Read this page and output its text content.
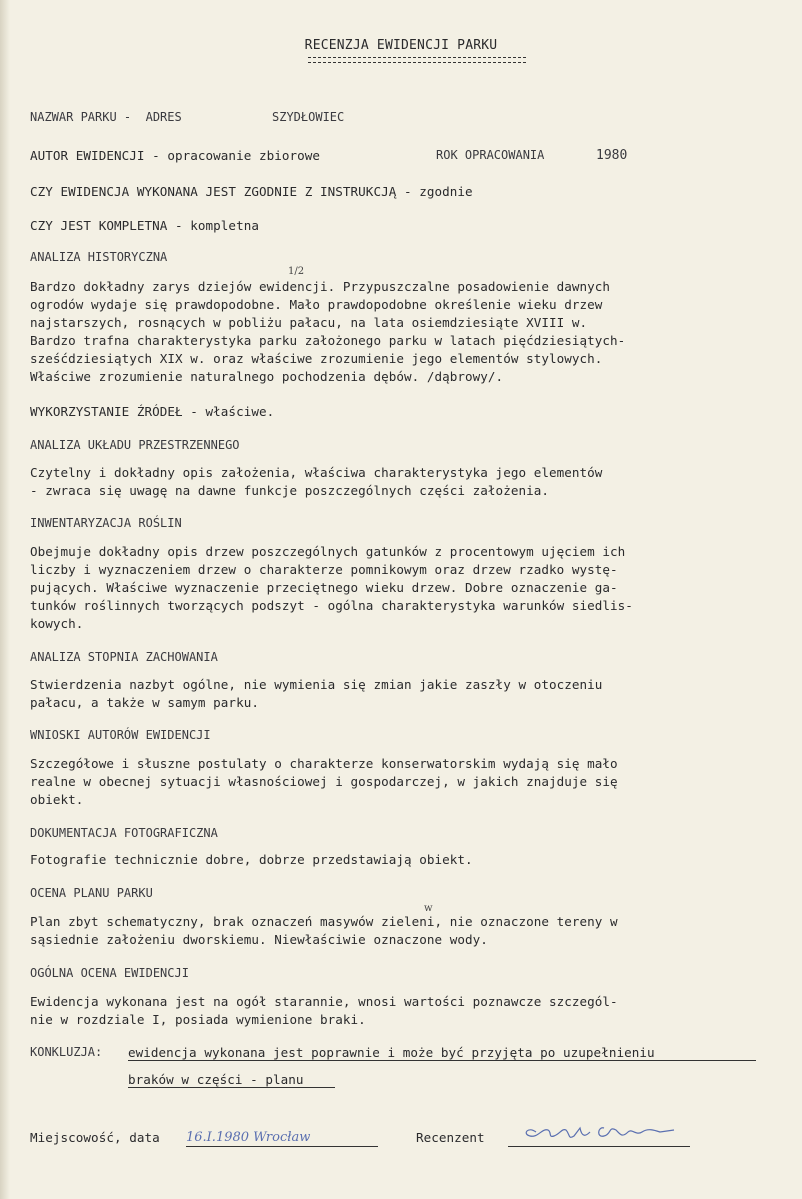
RECENZJA EWIDENCJI PARKU
NAZWAR PARKU -  ADRES	SZYDŁOWIEC
AUTOR EWIDENCJI - opracowanie zbiorowe	ROK OPRACOWANIA	1980
CZY EWIDENCJA WYKONANA JEST ZGODNIE Z INSTRUKCJĄ - zgodnie
CZY JEST KOMPLETNA - kompletna
ANALIZA HISTORYCZNA
1/2
Bardzo dokładny zarys dziejów ewidencji. Przypuszczalne posadowienie dawnych
ogrodów wydaje się prawdopodobne. Mało prawdopodobne określenie wieku drzew
najstarszych, rosnących w pobliżu pałacu, na lata osiemdziesiąte XVIII w.
Bardzo trafna charakterystyka parku założonego parku w latach pięćdziesiątych-
sześćdziesiątych XIX w. oraz właściwe zrozumienie jego elementów stylowych.
Właściwe zrozumienie naturalnego pochodzenia dębów. /dąbrowy/.
WYKORZYSTANIE ŹRÓDEŁ - właściwe.
ANALIZA UKŁADU PRZESTRZENNEGO
Czytelny i dokładny opis założenia, właściwa charakterystyka jego elementów
- zwraca się uwagę na dawne funkcje poszczególnych części założenia.
INWENTARYZACJA ROŚLIN
Obejmuje dokładny opis drzew poszczególnych gatunków z procentowym ujęciem ich
liczby i wyznaczeniem drzew o charakterze pomnikowym oraz drzew rzadko wystę-
pujących. Właściwe wyznaczenie przeciętnego wieku drzew. Dobre oznaczenie ga-
tunków roślinnych tworzących podszyt - ogólna charakterystyka warunków siedlis-
kowych.
ANALIZA STOPNIA ZACHOWANIA
Stwierdzenia nazbyt ogólne, nie wymienia się zmian jakie zaszły w otoczeniu
pałacu, a także w samym parku.
WNIOSKI AUTORÓW EWIDENCJI
Szczegółowe i słuszne postulaty o charakterze konserwatorskim wydają się mało
realne w obecnej sytuacji własnościowej i gospodarczej, w jakich znajduje się
obiekt.
DOKUMENTACJA FOTOGRAFICZNA
Fotografie technicznie dobre, dobrze przedstawiają obiekt.
OCENA PLANU PARKU
w
Plan zbyt schematyczny, brak oznaczeń masywów zieleni, nie oznaczone tereny w
sąsiednie założeniu dworskiemu. Niewłaściwie oznaczone wody.
OGÓLNA OCENA EWIDENCJI
Ewidencja wykonana jest na ogół starannie, wnosi wartości poznawcze szczegól-
nie w rozdziale I, posiada wymienione braki.
KONKLUZJA: ewidencja wykonana jest poprawnie i może być przyjęta po uzupełnieniu
braków w części - planu
Miejscowość, data	16.I.1980 Wrocław	Recenzent
